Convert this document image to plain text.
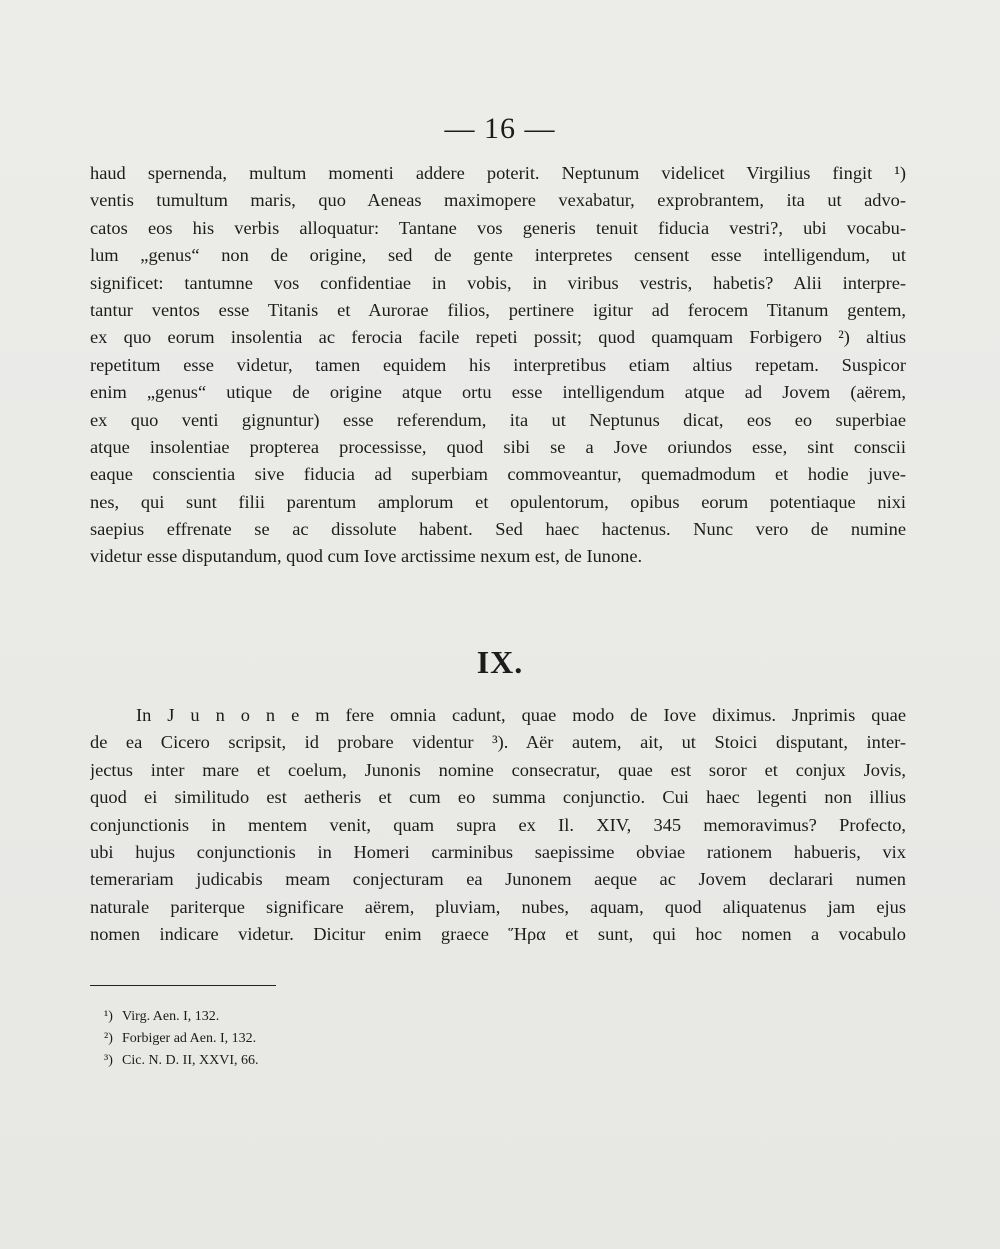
— 16 —
haud spernenda, multum momenti addere poterit. Neptunum videlicet Virgilius fingit ¹)
ventis tumultum maris, quo Aeneas maximopere vexabatur, exprobrantem, ita ut advo-
catos eos his verbis alloquatur: Tantane vos generis tenuit fiducia vestri?, ubi vocabu-
lum „genus“ non de origine, sed de gente interpretes censent esse intelligendum, ut
significet: tantumne vos confidentiae in vobis, in viribus vestris, habetis? Alii interpre-
tantur ventos esse Titanis et Aurorae filios, pertinere igitur ad ferocem Titanum gentem,
ex quo eorum insolentia ac ferocia facile repeti possit; quod quamquam Forbigero ²) altius
repetitum esse videtur, tamen equidem his interpretibus etiam altius repetam. Suspicor
enim „genus“ utique de origine atque ortu esse intelligendum atque ad Jovem (aërem,
ex quo venti gignuntur) esse referendum, ita ut Neptunus dicat, eos eo superbiae
atque insolentiae propterea processisse, quod sibi se a Jove oriundos esse, sint conscii
eaque conscientia sive fiducia ad superbiam commoveantur, quemadmodum et hodie juve-
nes, qui sunt filii parentum amplorum et opulentorum, opibus eorum potentiaque nixi
saepius effrenate se ac dissolute habent. Sed haec hactenus. Nunc vero de numine
videtur esse disputandum, quod cum Iove arctissime nexum est, de Iunone.
IX.
In J u n o n e m fere omnia cadunt, quae modo de Iove diximus. Jnprimis quae
de ea Cicero scripsit, id probare videntur ³). Aër autem, ait, ut Stoici disputant, inter-
jectus inter mare et coelum, Junonis nomine consecratur, quae est soror et conjux Jovis,
quod ei similitudo est aetheris et cum eo summa conjunctio. Cui haec legenti non illius
conjunctionis in mentem venit, quam supra ex Il. XIV, 345 memoravimus? Profecto,
ubi hujus conjunctionis in Homeri carminibus saepissime obviae rationem habueris, vix
temerariam judicabis meam conjecturam ea Junonem aeque ac Jovem declarari numen
naturale pariterque significare aërem, pluviam, nubes, aquam, quod aliquatenus jam ejus
nomen indicare videtur. Dicitur enim graece Ἥρα et sunt, qui hoc nomen a vocabulo
¹) Virg. Aen. I, 132.
²) Forbiger ad Aen. I, 132.
³) Cic. N. D. II, XXVI, 66.
